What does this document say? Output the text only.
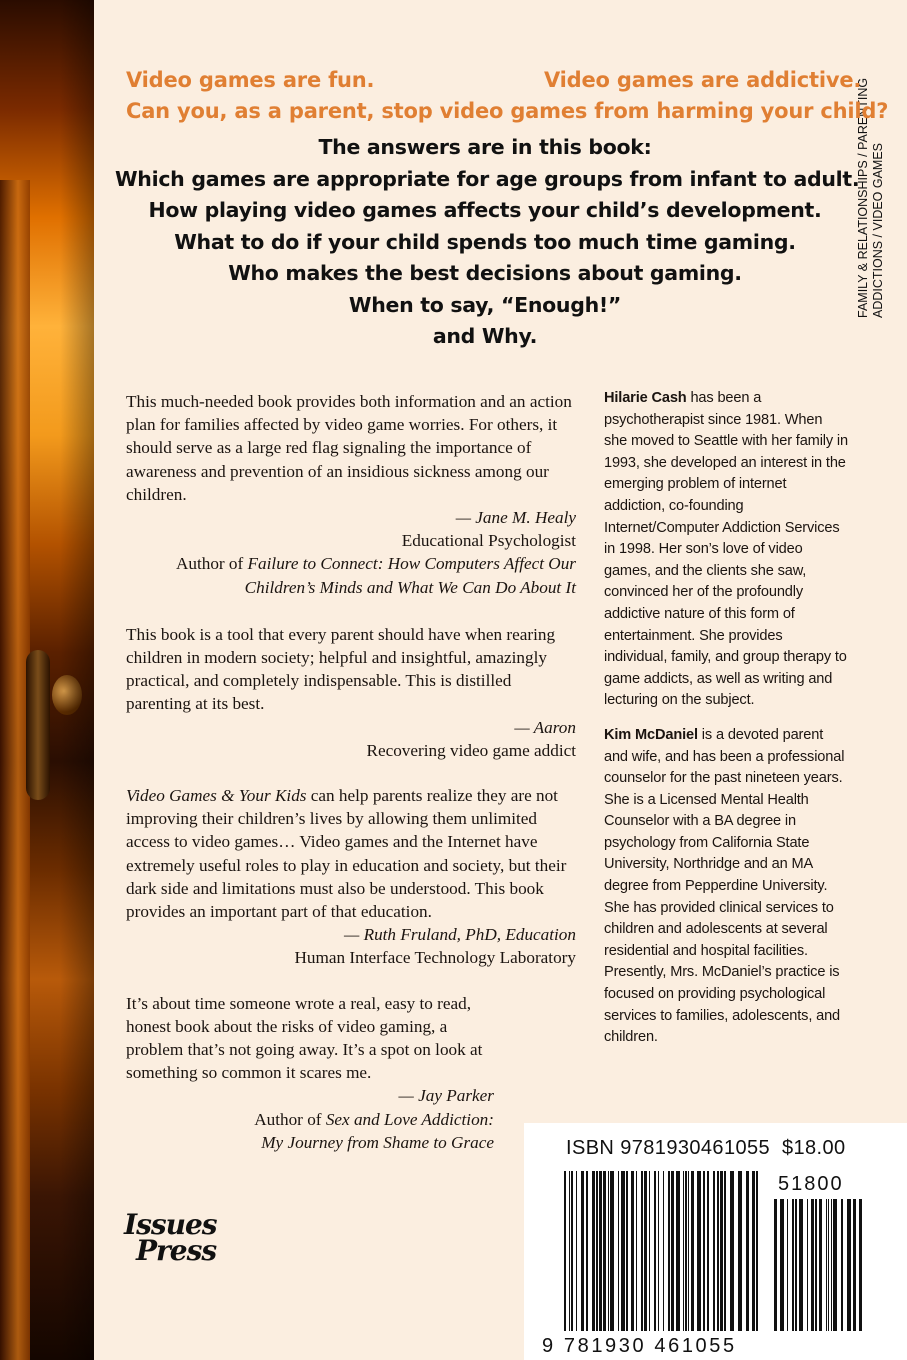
FAMILY & RELATIONSHIPS / PARENTING ADDICTIONS / VIDEO GAMES
Video games are fun.	Video games are addictive.
Can you, as a parent, stop video games from harming your child?
The answers are in this book:
Which games are appropriate for age groups from infant to adult.
How playing video games affects your child’s development.
What to do if your child spends too much time gaming.
Who makes the best decisions about gaming.
When to say, “Enough!”
and Why.

This much-needed book provides both information and an action plan for families affected by video game worries. For others, it should serve as a large red flag signaling the importance of awareness and prevention of an insidious sickness among our children.

— Jane M. Healy
Educational Psychologist
Author of Failure to Connect: How Computers Affect Our Children’s Minds and What We Can Do About It

This book is a tool that every parent should have when rearing children in modern society; helpful and insightful, amazingly practical, and completely indispensable. This is distilled parenting at its best.

— Aaron
Recovering video game addict

Video Games & Your Kids can help parents realize they are not improving their children’s lives by allowing them unlimited access to video games… Video games and the Internet have extremely useful roles to play in education and society, but their dark side and limitations must also be understood. This book provides an important part of that education.

— Ruth Fruland, PhD, Education
Human Interface Technology Laboratory

It’s about time someone wrote a real, easy to read, honest book about the risks of video gaming, a problem that’s not going away. It’s a spot on look at something so common it scares me.

— Jay Parker
Author of Sex and Love Addiction:
My Journey from Shame to Grace

Hilarie Cash has been a psychotherapist since 1981. When she moved to Seattle with her family in 1993, she developed an interest in the emerging problem of internet addiction, co-founding Internet/Computer Addiction Services in 1998. Her son’s love of video games, and the clients she saw, convinced her of the profoundly addictive nature of this form of entertainment. She provides individual, family, and group therapy to game addicts, as well as writing and lecturing on the subject.

Kim McDaniel is a devoted parent and wife, and has been a professional counselor for the past nineteen years. She is a Licensed Mental Health Counselor with a BA degree in psychology from California State University, Northridge and an MA degree from Pepperdine University. She has provided clinical services to children and adolescents at several residential and hospital facilities. Presently, Mrs. McDaniel’s practice is focused on providing psychological services to families, adolescents, and children.

Issues
Press
ISBN 9781930461055 $18.00
51800
9 781930 461055
